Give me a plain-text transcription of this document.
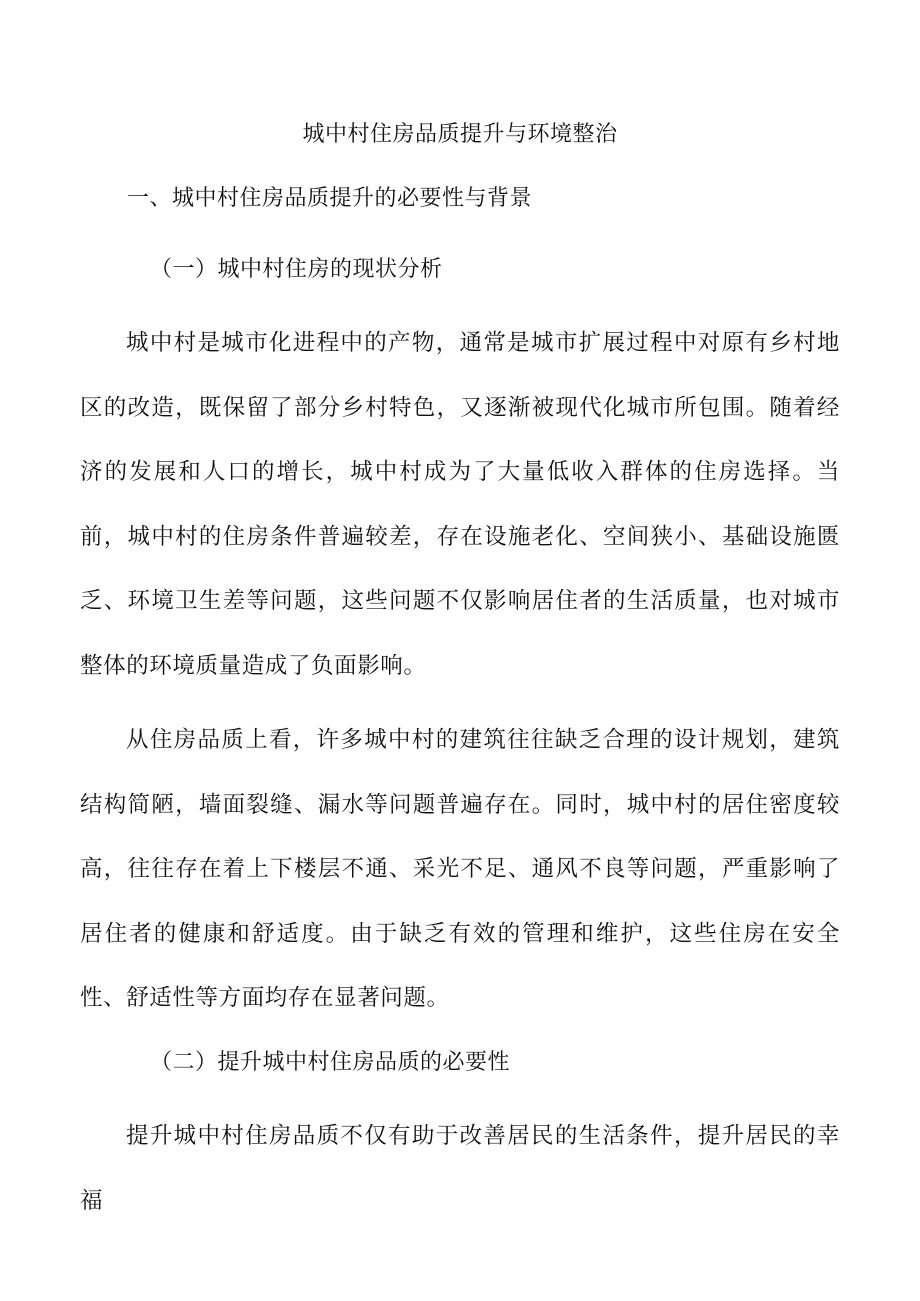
城中村住房品质提升与环境整治
一、城中村住房品质提升的必要性与背景
（一）城中村住房的现状分析

城中村是城市化进程中的产物，通常是城市扩展过程中对原有乡村地区的改造，既保留了部分乡村特色，又逐渐被现代化城市所包围。随着经济的发展和人口的增长，城中村成为了大量低收入群体的住房选择。当前，城中村的住房条件普遍较差，存在设施老化、空间狭小、基础设施匮乏、环境卫生差等问题，这些问题不仅影响居住者的生活质量，也对城市整体的环境质量造成了负面影响。

从住房品质上看，许多城中村的建筑往往缺乏合理的设计规划，建筑结构简陋，墙面裂缝、漏水等问题普遍存在。同时，城中村的居住密度较高，往往存在着上下楼层不通、采光不足、通风不良等问题，严重影响了居住者的健康和舒适度。由于缺乏有效的管理和维护，这些住房在安全性、舒适性等方面均存在显著问题。

（二）提升城中村住房品质的必要性

提升城中村住房品质不仅有助于改善居民的生活条件，提升居民的幸福
